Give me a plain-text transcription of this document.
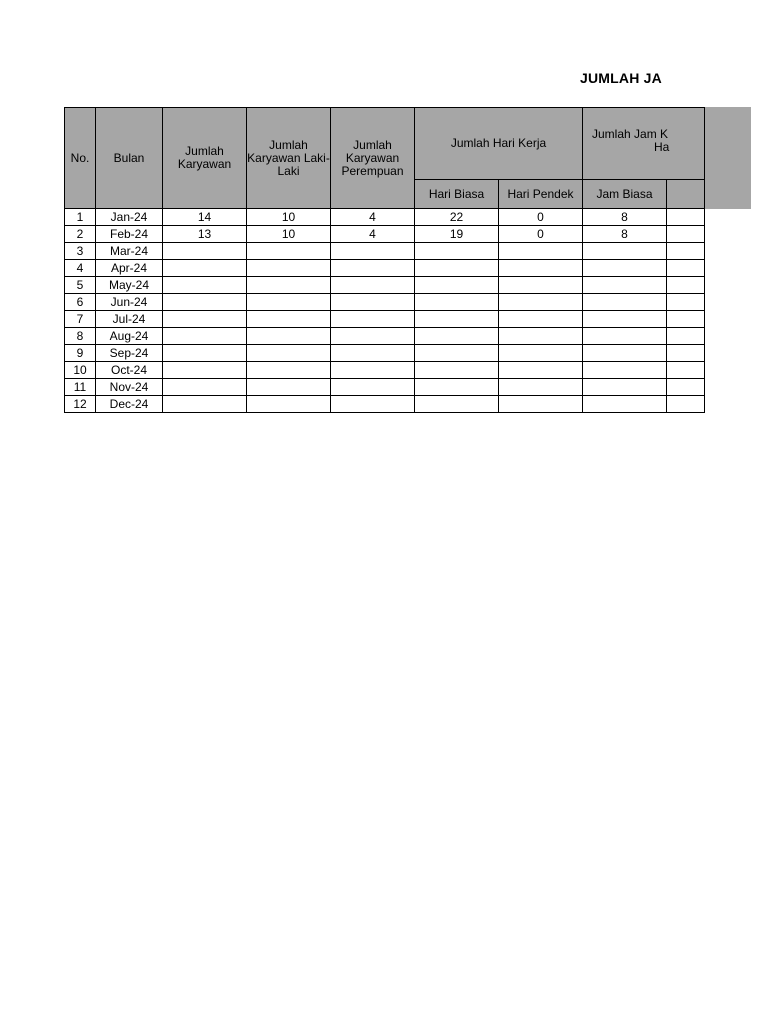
JUMLAH JA
No.	Bulan	Jumlah Karyawan	Jumlah Karyawan Laki-Laki	Jumlah Karyawan Perempuan	Jumlah Hari Kerja		Jumlah Jam K
Ha	

					Hari Biasa	Hari Pendek	Jam Biasa	
1	Jan-24	14	10	4	22	0	8	
2	Feb-24	13	10	4	19	0	8	
3	Mar-24							
4	Apr-24							
5	May-24							
6	Jun-24							
7	Jul-24							
8	Aug-24							
9	Sep-24							
10	Oct-24							
11	Nov-24							
12	Dec-24							
